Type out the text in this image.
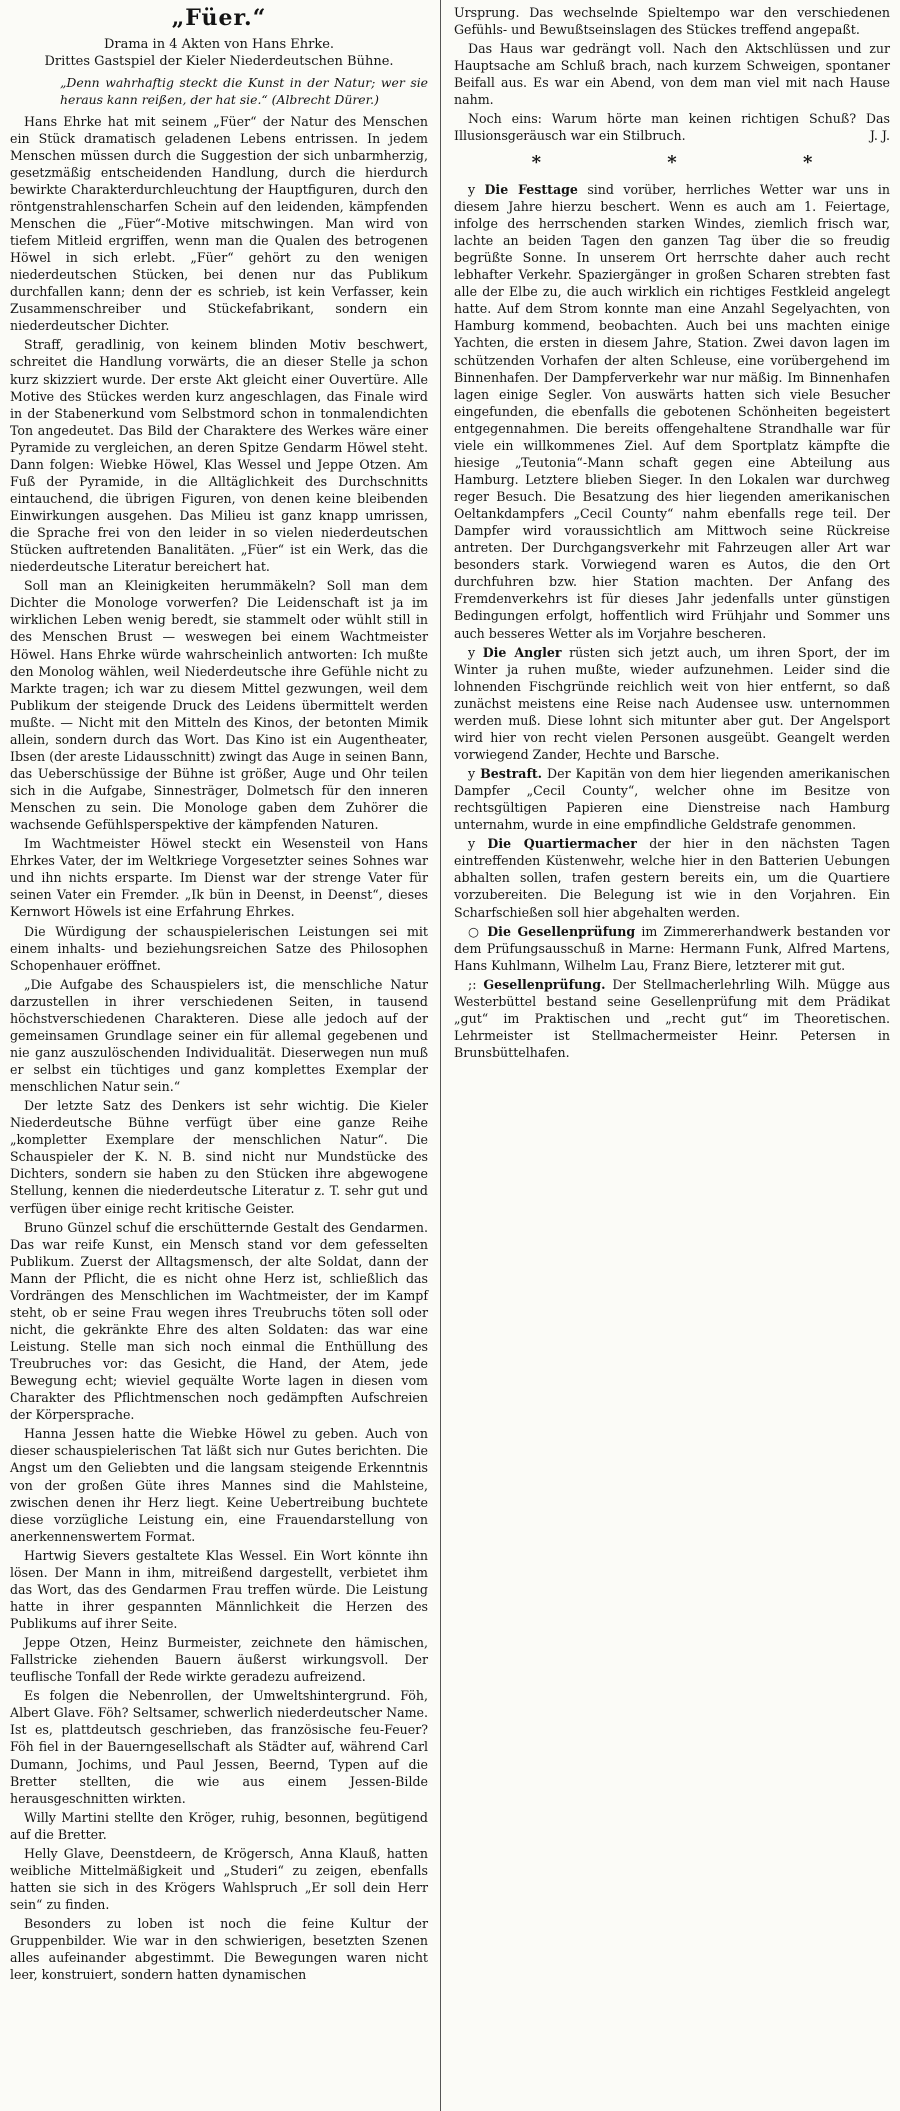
„Füer.“

Drama in 4 Akten von Hans Ehrke.

Drittes Gastspiel der Kieler Niederdeutschen Bühne.

„Denn wahrhaftig steckt die Kunst in der Natur; wer sie heraus kann reißen, der hat sie.“ (Albrecht Dürer.)

Hans Ehrke hat mit seinem „Füer“ der Natur des Menschen ein Stück dramatisch geladenen Lebens entrissen. In jedem Menschen müssen durch die Suggestion der sich unbarmherzig, gesetzmäßig entscheidenden Handlung, durch die hierdurch bewirkte Charakterdurchleuchtung der Hauptfiguren, durch den röntgenstrahlenscharfen Schein auf den leidenden, kämpfenden Menschen die „Füer“-Motive mitschwingen. Man wird von tiefem Mitleid ergriffen, wenn man die Qualen des betrogenen Höwel in sich erlebt. „Füer“ gehört zu den wenigen niederdeutschen Stücken, bei denen nur das Publikum durchfallen kann; denn der es schrieb, ist kein Verfasser, kein Zusammenschreiber und Stückefabrikant, sondern ein niederdeutscher Dichter.

Straff, geradlinig, von keinem blinden Motiv beschwert, schreitet die Handlung vorwärts, die an dieser Stelle ja schon kurz skizziert wurde. Der erste Akt gleicht einer Ouvertüre. Alle Motive des Stückes werden kurz angeschlagen, das Finale wird in der Stabenerkund vom Selbstmord schon in tonmalendichten Ton angedeutet. Das Bild der Charaktere des Werkes wäre einer Pyramide zu vergleichen, an deren Spitze Gendarm Höwel steht. Dann folgen: Wiebke Höwel, Klas Wessel und Jeppe Otzen. Am Fuß der Pyramide, in die Alltäglichkeit des Durchschnitts eintauchend, die übrigen Figuren, von denen keine bleibenden Einwirkungen ausgehen. Das Milieu ist ganz knapp umrissen, die Sprache frei von den leider in so vielen niederdeutschen Stücken auftretenden Banalitäten. „Füer“ ist ein Werk, das die niederdeutsche Literatur bereichert hat.

Soll man an Kleinigkeiten herummäkeln? Soll man dem Dichter die Monologe vorwerfen? Die Leidenschaft ist ja im wirklichen Leben wenig beredt, sie stammelt oder wühlt still in des Menschen Brust — weswegen bei einem Wachtmeister Höwel. Hans Ehrke würde wahrscheinlich antworten: Ich mußte den Monolog wählen, weil Niederdeutsche ihre Gefühle nicht zu Markte tragen; ich war zu diesem Mittel gezwungen, weil dem Publikum der steigende Druck des Leidens übermittelt werden mußte. — Nicht mit den Mitteln des Kinos, der betonten Mimik allein, sondern durch das Wort. Das Kino ist ein Augentheater, Ibsen (der areste Lidausschnitt) zwingt das Auge in seinen Bann, das Ueberschüssige der Bühne ist größer, Auge und Ohr teilen sich in die Aufgabe, Sinnesträger, Dolmetsch für den inneren Menschen zu sein. Die Monologe gaben dem Zuhörer die wachsende Gefühlsperspektive der kämpfenden Naturen.

Im Wachtmeister Höwel steckt ein Wesensteil von Hans Ehrkes Vater, der im Weltkriege Vorgesetzter seines Sohnes war und ihn nichts ersparte. Im Dienst war der strenge Vater für seinen Vater ein Fremder. „Ik bün in Deenst, in Deenst“, dieses Kernwort Höwels ist eine Erfahrung Ehrkes.

Die Würdigung der schauspielerischen Leistungen sei mit einem inhalts- und beziehungsreichen Satze des Philosophen Schopenhauer eröffnet.

„Die Aufgabe des Schauspielers ist, die menschliche Natur darzustellen in ihrer verschiedenen Seiten, in tausend höchstverschiedenen Charakteren. Diese alle jedoch auf der gemeinsamen Grundlage seiner ein für allemal gegebenen und nie ganz auszulöschenden Individualität. Dieserwegen nun muß er selbst ein tüchtiges und ganz komplettes Exemplar der menschlichen Natur sein.“

Der letzte Satz des Denkers ist sehr wichtig. Die Kieler Niederdeutsche Bühne verfügt über eine ganze Reihe „kompletter Exemplare der menschlichen Natur“. Die Schauspieler der K. N. B. sind nicht nur Mundstücke des Dichters, sondern sie haben zu den Stücken ihre abgewogene Stellung, kennen die niederdeutsche Literatur z. T. sehr gut und verfügen über einige recht kritische Geister.

Bruno Günzel schuf die erschütternde Gestalt des Gendarmen. Das war reife Kunst, ein Mensch stand vor dem gefesselten Publikum. Zuerst der Alltagsmensch, der alte Soldat, dann der Mann der Pflicht, die es nicht ohne Herz ist, schließlich das Vordrängen des Menschlichen im Wachtmeister, der im Kampf steht, ob er seine Frau wegen ihres Treubruchs töten soll oder nicht, die gekränkte Ehre des alten Soldaten: das war eine Leistung. Stelle man sich noch einmal die Enthüllung des Treubruches vor: das Gesicht, die Hand, der Atem, jede Bewegung echt; wieviel gequälte Worte lagen in diesen vom Charakter des Pflichtmenschen noch gedämpften Aufschreien der Körpersprache.

Hanna Jessen hatte die Wiebke Höwel zu geben. Auch von dieser schauspielerischen Tat läßt sich nur Gutes berichten. Die Angst um den Geliebten und die langsam steigende Erkenntnis von der großen Güte ihres Mannes sind die Mahlsteine, zwischen denen ihr Herz liegt. Keine Uebertreibung buchtete diese vorzügliche Leistung ein, eine Frauendarstellung von anerkennenswertem Format.

Hartwig Sievers gestaltete Klas Wessel. Ein Wort könnte ihn lösen. Der Mann in ihm, mitreißend dargestellt, verbietet ihm das Wort, das des Gendarmen Frau treffen würde. Die Leistung hatte in ihrer gespannten Männlichkeit die Herzen des Publikums auf ihrer Seite.

Jeppe Otzen, Heinz Burmeister, zeichnete den hämischen, Fallstricke ziehenden Bauern äußerst wirkungsvoll. Der teuflische Tonfall der Rede wirkte geradezu aufreizend.

Es folgen die Nebenrollen, der Umweltshintergrund. Föh, Albert Glave. Föh? Seltsamer, schwerlich niederdeutscher Name. Ist es, plattdeutsch geschrieben, das französische feu-Feuer? Föh fiel in der Bauerngesellschaft als Städter auf, während Carl Dumann, Jochims, und Paul Jessen, Beernd, Typen auf die Bretter stellten, die wie aus einem Jessen-Bilde herausgeschnitten wirkten.

Willy Martini stellte den Kröger, ruhig, besonnen, begütigend auf die Bretter.

Helly Glave, Deenstdeern, de Krögersch, Anna Klauß, hatten weibliche Mittelmäßigkeit und „Studeri“ zu zeigen, ebenfalls hatten sie sich in des Krögers Wahlspruch „Er soll dein Herr sein“ zu finden.

Besonders zu loben ist noch die feine Kultur der Gruppenbilder. Wie war in den schwierigen, besetzten Szenen alles aufeinander abgestimmt. Die Bewegungen waren nicht leer, konstruiert, sondern hatten dynamischen

Ursprung. Das wechselnde Spieltempo war den verschiedenen Gefühls- und Bewußtseinslagen des Stückes treffend angepaßt.

Das Haus war gedrängt voll. Nach den Aktschlüssen und zur Hauptsache am Schluß brach, nach kurzem Schweigen, spontaner Beifall aus. Es war ein Abend, von dem man viel mit nach Hause nahm.

Noch eins: Warum hörte man keinen richtigen Schuß? Das Illusionsgeräusch war ein Stilbruch.	J. J.

* * *

y Die Festtage sind vorüber, herrliches Wetter war uns in diesem Jahre hierzu beschert. Wenn es auch am 1. Feiertage, infolge des herrschenden starken Windes, ziemlich frisch war, lachte an beiden Tagen den ganzen Tag über die so freudig begrüßte Sonne. In unserem Ort herrschte daher auch recht lebhafter Verkehr. Spaziergänger in großen Scharen strebten fast alle der Elbe zu, die auch wirklich ein richtiges Festkleid angelegt hatte. Auf dem Strom konnte man eine Anzahl Segelyachten, von Hamburg kommend, beobachten. Auch bei uns machten einige Yachten, die ersten in diesem Jahre, Station. Zwei davon lagen im schützenden Vorhafen der alten Schleuse, eine vorübergehend im Binnenhafen. Der Dampferverkehr war nur mäßig. Im Binnenhafen lagen einige Segler. Von auswärts hatten sich viele Besucher eingefunden, die ebenfalls die gebotenen Schönheiten begeistert entgegennahmen. Die bereits offengehaltene Strandhalle war für viele ein willkommenes Ziel. Auf dem Sportplatz kämpfte die hiesige „Teutonia“-Mann schaft gegen eine Abteilung aus Hamburg. Letztere blieben Sieger. In den Lokalen war durchweg reger Besuch. Die Besatzung des hier liegenden amerikanischen Oeltankdampfers „Cecil County“ nahm ebenfalls rege teil. Der Dampfer wird voraussichtlich am Mittwoch seine Rückreise antreten. Der Durchgangsverkehr mit Fahrzeugen aller Art war besonders stark. Vorwiegend waren es Autos, die den Ort durchfuhren bzw. hier Station machten. Der Anfang des Fremdenverkehrs ist für dieses Jahr jedenfalls unter günstigen Bedingungen erfolgt, hoffentlich wird Frühjahr und Sommer uns auch besseres Wetter als im Vorjahre bescheren.

y Die Angler rüsten sich jetzt auch, um ihren Sport, der im Winter ja ruhen mußte, wieder aufzunehmen. Leider sind die lohnenden Fischgründe reichlich weit von hier entfernt, so daß zunächst meistens eine Reise nach Audensee usw. unternommen werden muß. Diese lohnt sich mitunter aber gut. Der Angelsport wird hier von recht vielen Personen ausgeübt. Geangelt werden vorwiegend Zander, Hechte und Barsche.

y Bestraft. Der Kapitän von dem hier liegenden amerikanischen Dampfer „Cecil County“, welcher ohne im Besitze von rechtsgültigen Papieren eine Dienstreise nach Hamburg unternahm, wurde in eine empfindliche Geldstrafe genommen.

y Die Quartiermacher der hier in den nächsten Tagen eintreffenden Küstenwehr, welche hier in den Batterien Uebungen abhalten sollen, trafen gestern bereits ein, um die Quartiere vorzubereiten. Die Belegung ist wie in den Vorjahren. Ein Scharfschießen soll hier abgehalten werden.

○ Die Gesellenprüfung im Zimmererhandwerk bestanden vor dem Prüfungsausschuß in Marne: Hermann Funk, Alfred Martens, Hans Kuhlmann, Wilhelm Lau, Franz Biere, letzterer mit gut.

;: Gesellenprüfung. Der Stellmacherlehrling Wilh. Mügge aus Westerbüttel bestand seine Gesellenprüfung mit dem Prädikat „gut“ im Praktischen und „recht gut“ im Theoretischen. Lehrmeister ist Stellmachermeister Heinr. Petersen in Brunsbüttelhafen.
